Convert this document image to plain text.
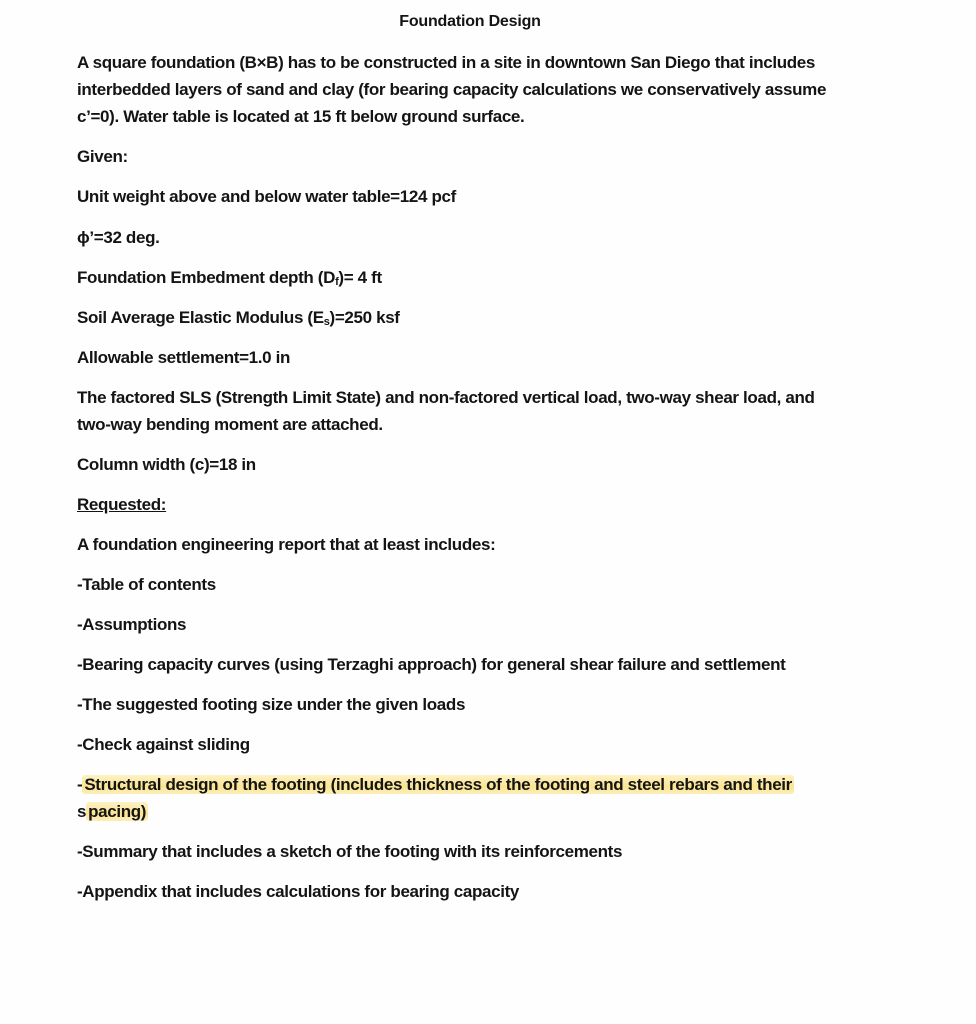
Foundation Design
A square foundation (B×B) has to be constructed in a site in downtown San Diego that includes
interbedded layers of sand and clay (for bearing capacity calculations we conservatively assume
c’=0). Water table is located at 15 ft below ground surface.
Given:
Unit weight above and below water table=124 pcf
ϕ’=32 deg.
Foundation Embedment depth $(D_f)= 4$ ft
Soil Average Elastic Modulus $(E_s)=250$ ksf
Allowable settlement=1.0 in
The factored SLS (Strength Limit State) and non-factored vertical load, two-way shear load, and
two-way bending moment are attached.
Column width (c)=18 in
Requested:
A foundation engineering report that at least includes:
-Table of contents
-Assumptions
-Bearing capacity curves (using Terzaghi approach) for general shear failure and settlement
-The suggested footing size under the given loads
-Check against sliding
- Structural design of the footing (includes thickness of the footing and steel rebars and their
s pacing)
-Summary that includes a sketch of the footing with its reinforcements
-Appendix that includes calculations for bearing capacity
